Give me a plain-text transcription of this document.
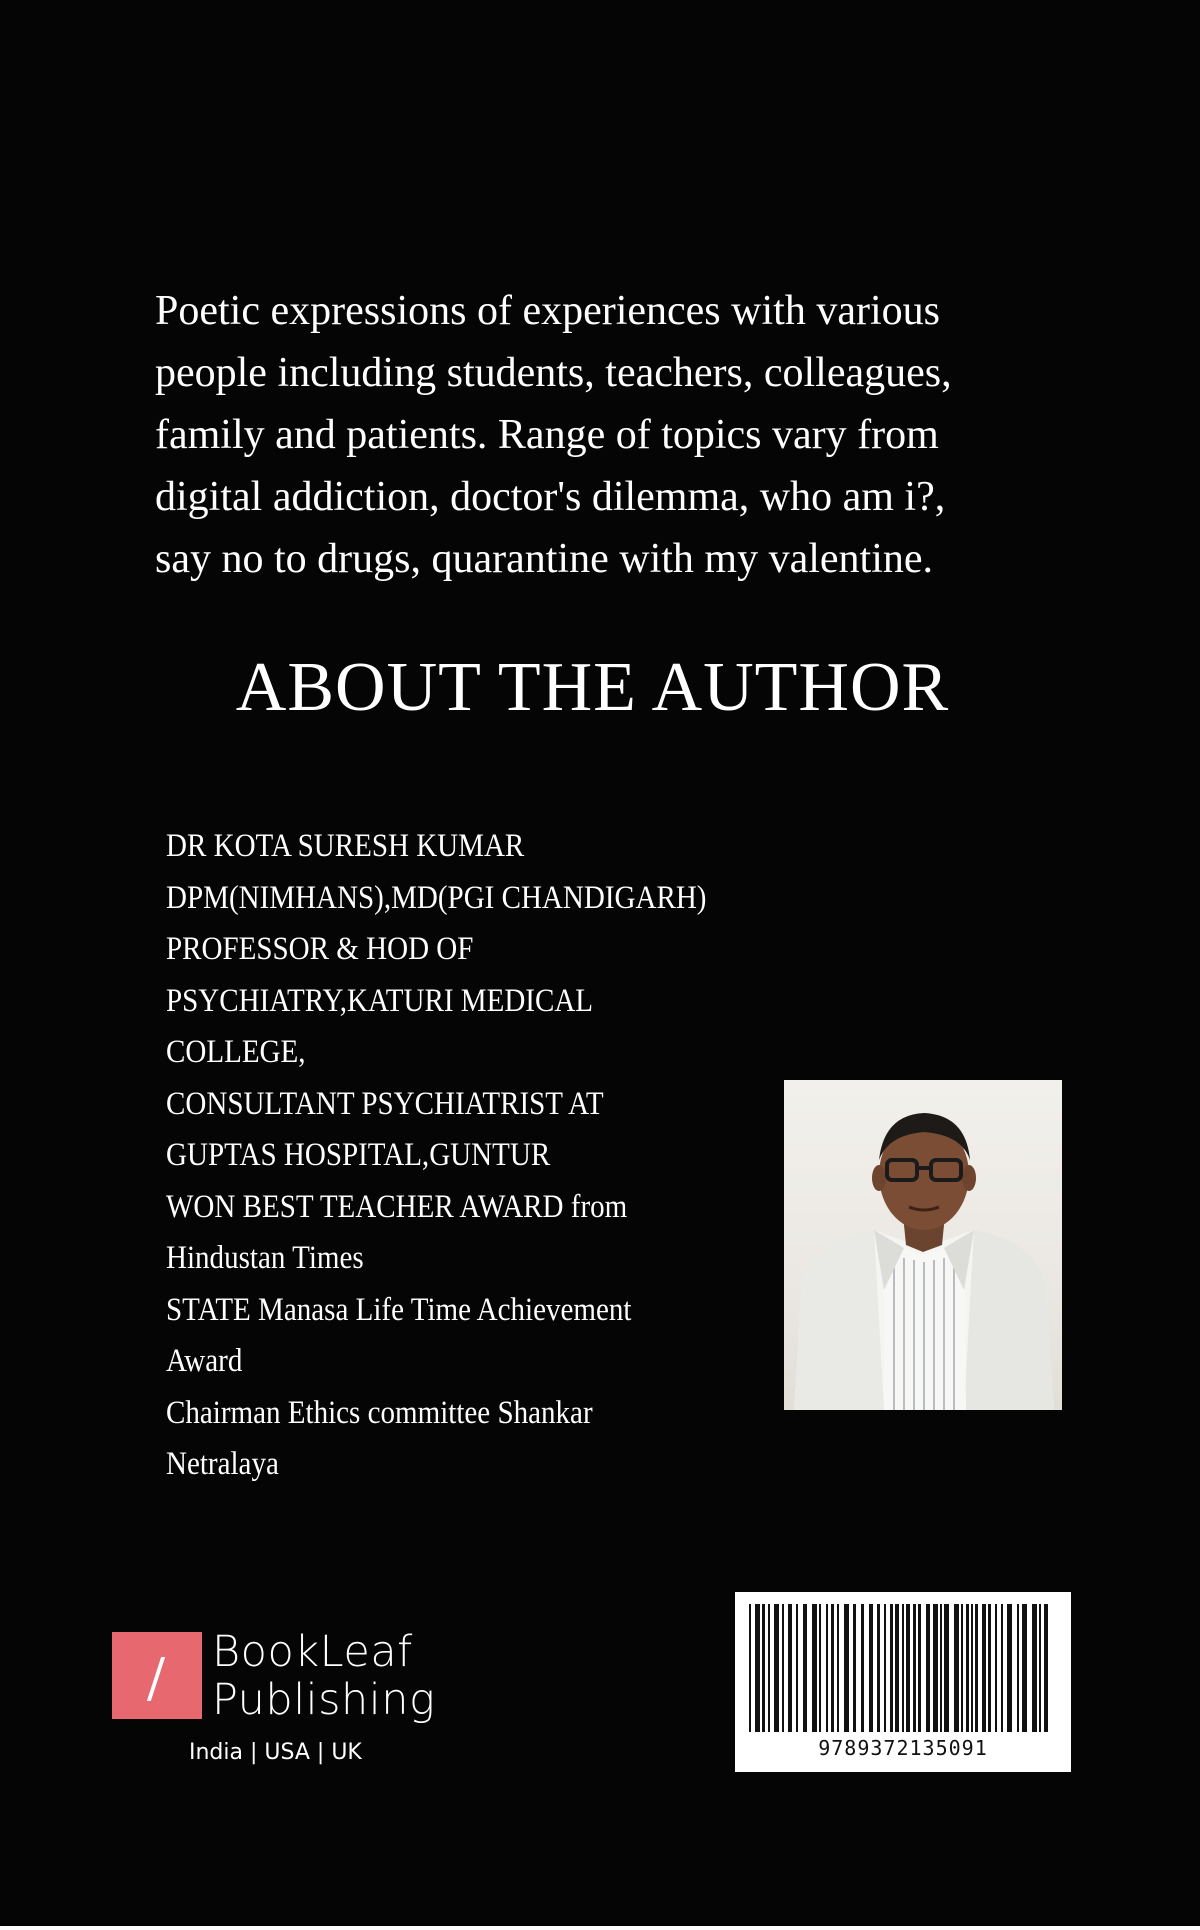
Poetic expressions of experiences with various
people including students, teachers, colleagues,
family and patients. Range of topics vary from
digital addiction, doctor's dilemma, who am i?,
say no to drugs, quarantine with my valentine.
ABOUT THE AUTHOR
DR KOTA SURESH KUMAR
DPM(NIMHANS),MD(PGI CHANDIGARH)
PROFESSOR & HOD OF
PSYCHIATRY,KATURI MEDICAL
COLLEGE,
CONSULTANT PSYCHIATRIST AT
GUPTAS HOSPITAL,GUNTUR
WON BEST TEACHER AWARD from
Hindustan Times
STATE Manasa Life Time Achievement
Award
Chairman Ethics committee Shankar
Netralaya
BookLeaf
Publishing
India | USA | UK	9789372135091
